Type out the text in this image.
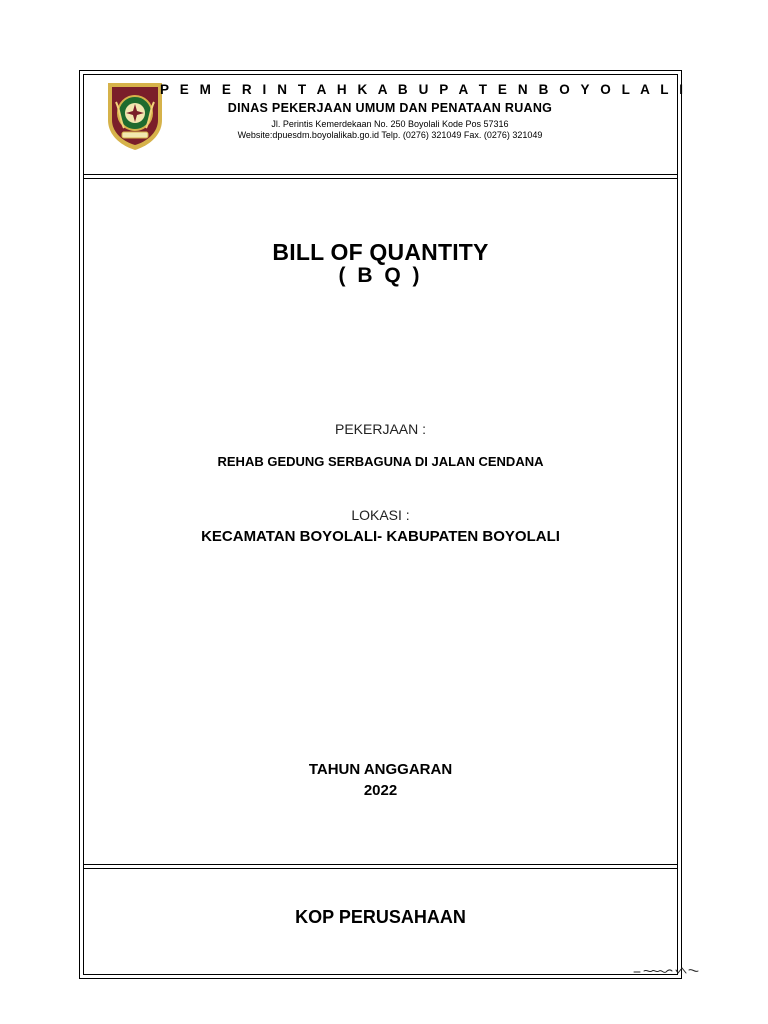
P E M E R I N T A H K A B U P A T E N B O Y O L A L I
DINAS PEKERJAAN UMUM DAN PENATAAN RUANG
Jl. Perintis Kemerdekaan No. 250 Boyolali Kode Pos 57316
Website:dpuesdm.boyolalikab.go.id Telp. (0276) 321049 Fax. (0276) 321049
BILL OF QUANTITY
( B Q )
PEKERJAAN :
REHAB GEDUNG SERBAGUNA DI JALAN CENDANA
LOKASI :
KECAMATAN BOYOLALI- KABUPATEN BOYOLALI
TAHUN ANGGARAN
2022
KOP PERUSAHAAN
